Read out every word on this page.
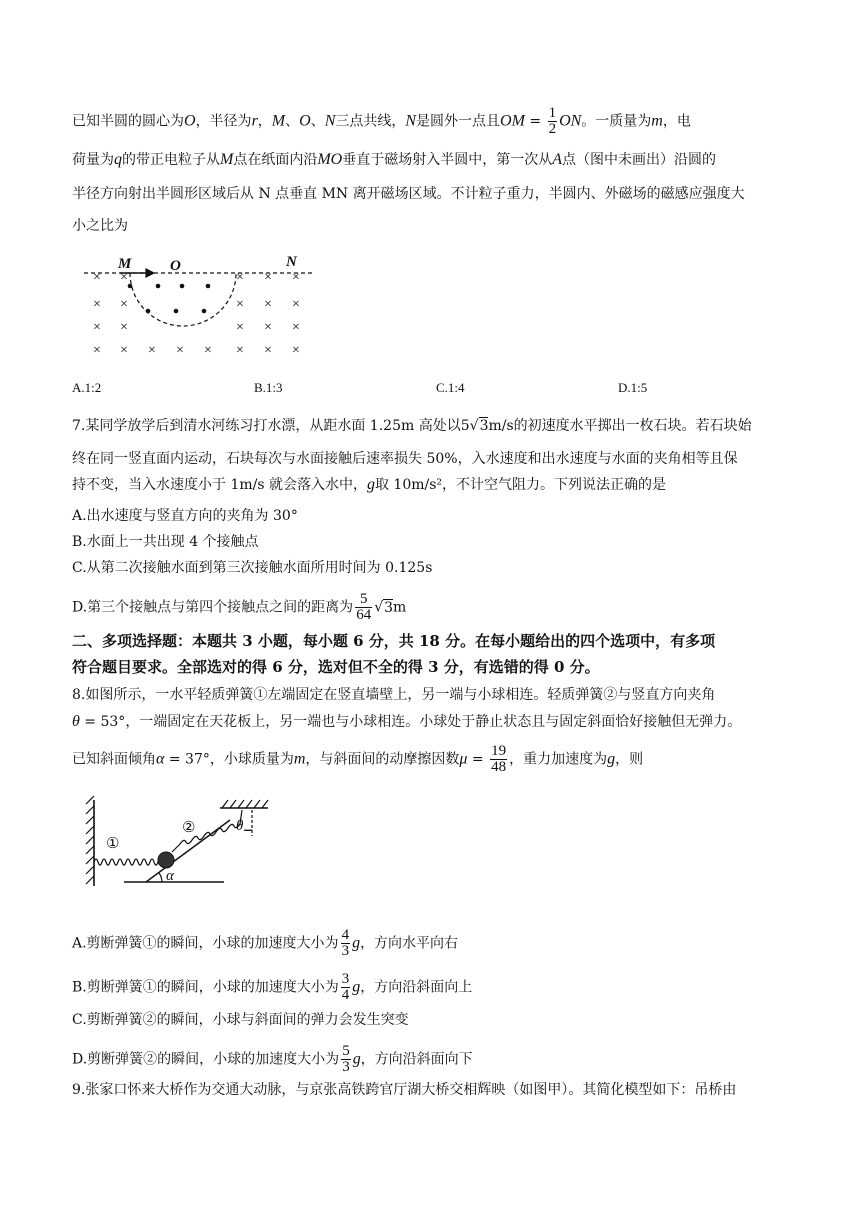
已知半圆的圆心为O，半径为r，M、O、N三点共线，N是圆外一点且OM = $\frac{1}{2}$ ON。一质量为m，电
荷量为q的带正电粒子从M点在纸面内沿MO垂直于磁场射入半圆中，第一次从A点（图中未画出）沿圆的
半径方向射出半圆形区域后从 N 点垂直 MN 离开磁场区域。不计粒子重力，半圆内、外磁场的磁感应强度大
小之比为
× ×	× × ×
× ×	× × ×
× ×	× × ×
× × × × × × × ×
M	O	N
A.1:2	B.1:3	C.1:4	D.1:5
7.某同学放学后到清水河练习打水漂，从距水面 1.25m 高处以5√3m/s的初速度水平掷出一枚石块。若石块始
终在同一竖直面内运动，石块每次与水面接触后速率损失 50%，入水速度和出水速度与水面的夹角相等且保
持不变，当入水速度小于 1m/s 就会落入水中，g取 10m/s²，不计空气阻力。下列说法正确的是
A.出水速度与竖直方向的夹角为 30°
B.水面上一共出现 4 个接触点
C.从第二次接触水面到第三次接触水面所用时间为 0.125s
D.第三个接触点与第四个接触点之间的距离为 $\frac{5}{64} √3m$
二、多项选择题：本题共 3 小题，每小题 6 分，共 18 分。在每小题给出的四个选项中，有多项
符合题目要求。全部选对的得 6 分，选对但不全的得 3 分，有选错的得 0 分。
8.如图所示，一水平轻质弹簧①左端固定在竖直墙壁上，另一端与小球相连。轻质弹簧②与竖直方向夹角
θ = 53°，一端固定在天花板上，另一端也与小球相连。小球处于静止状态且与固定斜面恰好接触但无弹力。
已知斜面倾角α = 37°，小球质量为m，与斜面间的动摩擦因数$\mu = \frac{19}{48}$ ，重力加速度为g，则
①
②	θ
α
A.剪断弹簧①的瞬间，小球的加速度大小为 $\frac{4}{3}$ g，方向水平向右
B.剪断弹簧①的瞬间，小球的加速度大小为 $\frac{3}{4}$ g，方向沿斜面向上
C.剪断弹簧②的瞬间，小球与斜面间的弹力会发生突变
D.剪断弹簧②的瞬间，小球的加速度大小为 $\frac{5}{3}$ g，方向沿斜面向下
9.张家口怀来大桥作为交通大动脉，与京张高铁跨官厅湖大桥交相辉映（如图甲）。其简化模型如下：吊桥由
